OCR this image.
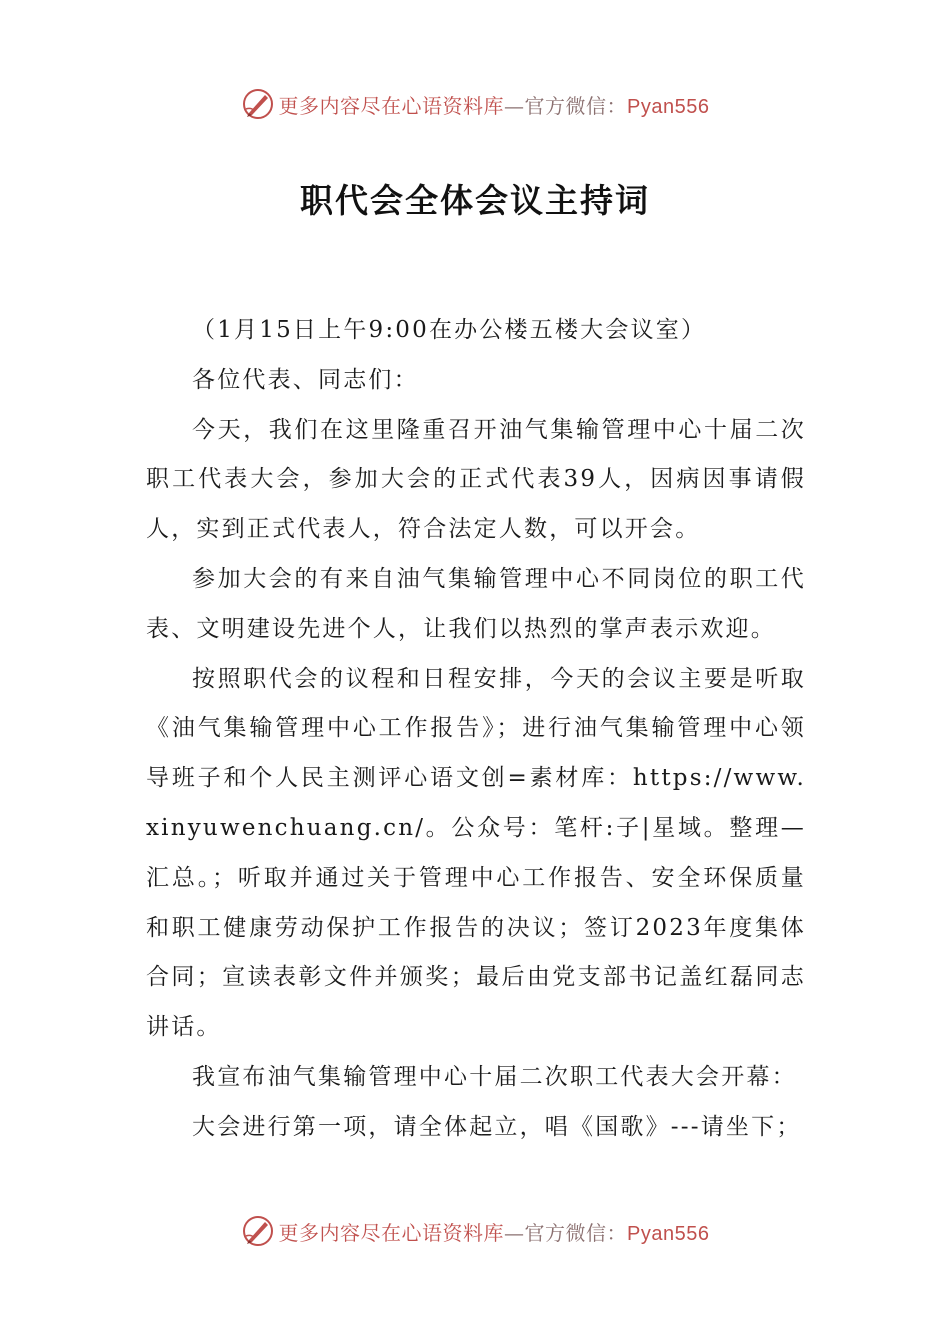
更多内容尽在心语资料库—官方微信：Pyan556
职代会全体会议主持词

（1月15日上午9:00在办公楼五楼大会议室）

各位代表、同志们：

今天，我们在这里隆重召开油气集输管理中心十届二次职工代表大会，参加大会的正式代表39人，因病因事请假人，实到正式代表人，符合法定人数，可以开会。

参加大会的有来自油气集输管理中心不同岗位的职工代表、文明建设先进个人，让我们以热烈的掌声表示欢迎。

按照职代会的议程和日程安排，今天的会议主要是听取《油气集输管理中心工作报告》；进行油气集输管理中心领导班子和个人民主测评心语文创=素材库：https://www.xinyuwenchuang.cn/。公众号：笔杆:子|星域。整理—汇总。；听取并通过关于管理中心工作报告、安全环保质量和职工健康劳动保护工作报告的决议；签订2023年度集体合同；宣读表彰文件并颁奖；最后由党支部书记盖红磊同志讲话。

我宣布油气集输管理中心十届二次职工代表大会开幕：

大会进行第一项，请全体起立，唱《国歌》---请坐下；

更多内容尽在心语资料库—官方微信：Pyan556
